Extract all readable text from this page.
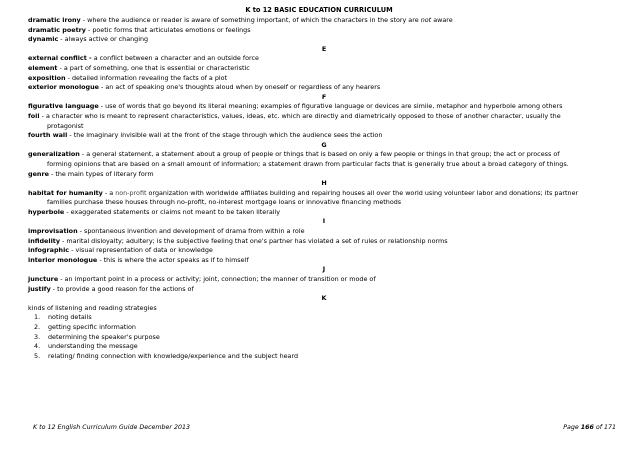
K to 12 BASIC EDUCATION CURRICULUM
dramatic irony - where the audience or reader is aware of something important, of which the characters in the story are not aware
dramatic poetry - poetic forms that articulates emotions or feelings
dynamic - always active or changing
E
external conflict - a conflict between a character and an outside force
element - a part of something, one that is essential or characteristic
exposition - detailed information revealing the facts of a plot
exterior monologue - an act of speaking one's thoughts aloud when by oneself or regardless of any hearers
F
figurative language - use of words that go beyond its literal meaning; examples of figurative language or devices are simile, metaphor and hyperbole among others
foil - a character who is meant to represent characteristics, values, ideas, etc. which are directly and diametrically opposed to those of another character, usually the
protagonist
fourth wall - the imaginary invisible wall at the front of the stage through which the audience sees the action
G
generalization - a general statement, a statement about a group of people or things that is based on only a few people or things in that group; the act or process of
forming opinions that are based on a small amount of information; a statement drawn from particular facts that is generally true about a broad category of things.
genre - the main types of literary form
H
habitat for humanity - a non-profit organization with worldwide affiliates building and repairing houses all over the world using volunteer labor and donations; its partner
families purchase these houses through no-profit, no-interest mortgage loans or innovative financing methods
hyperbole - exaggerated statements or claims not meant to be taken literally
I
improvisation - spontaneous invention and development of drama from within a role
infidelity - marital disloyalty; adultery; is the subjective feeling that one's partner has violated a set of rules or relationship norms
infographic - visual representation of data or knowledge
interior monologue - this is where the actor speaks as if to himself
J
juncture - an important point in a process or activity; joint, connection; the manner of transition or mode of
justify - to provide a good reason for the actions of
K
kinds of listening and reading strategies
1. noting details
2. getting specific information
3. determining the speaker's purpose
4. understanding the message
5. relating/ finding connection with knowledge/experience and the subject heard
K to 12 English Curriculum Guide December 2013	Page 166 of 171
